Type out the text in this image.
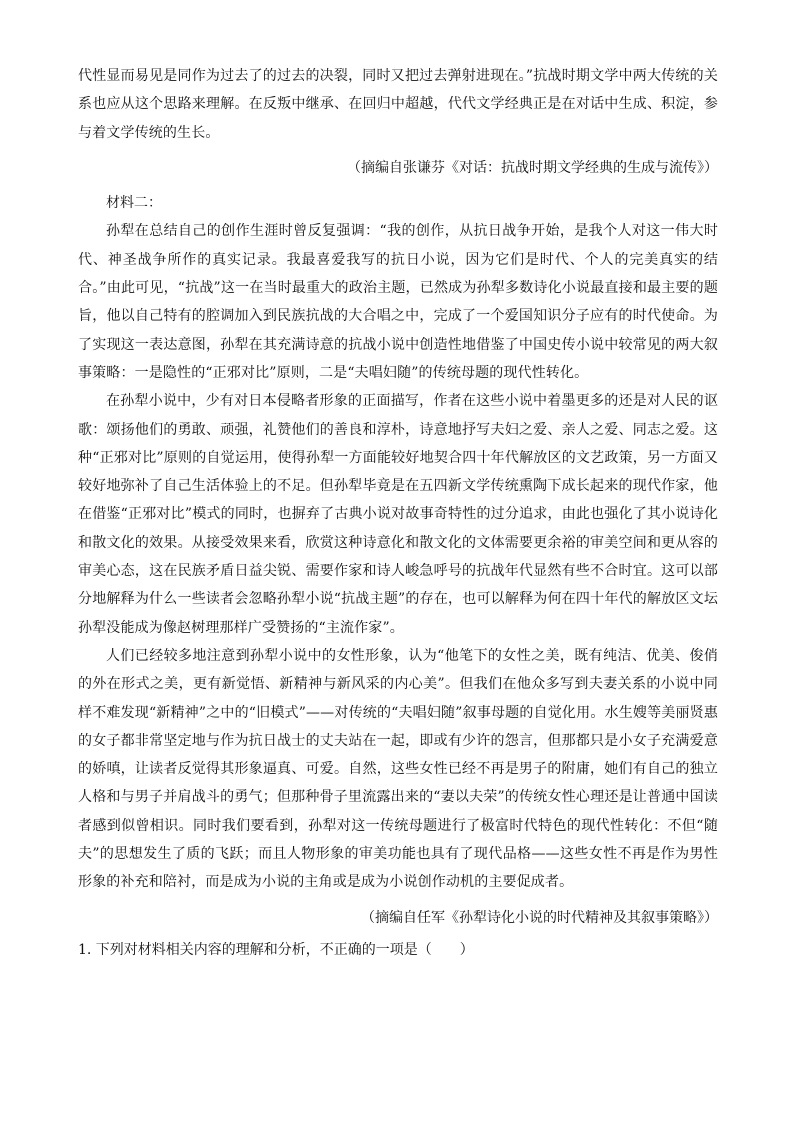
代性显而易见是同作为过去了的过去的决裂，同时又把过去弹射进现在。”抗战时期文学中两大传统的关系也应从这个思路来理解。在反叛中继承、在回归中超越，代代文学经典正是在对话中生成、积淀，参与着文学传统的生长。

（摘编自张谦芬《对话：抗战时期文学经典的生成与流传》）

材料二：

孙犁在总结自己的创作生涯时曾反复强调：“我的创作，从抗日战争开始，是我个人对这一伟大时代、神圣战争所作的真实记录。我最喜爱我写的抗日小说，因为它们是时代、个人的完美真实的结合。”由此可见，“抗战”这一在当时最重大的政治主题，已然成为孙犁多数诗化小说最直接和最主要的题旨，他以自己特有的腔调加入到民族抗战的大合唱之中，完成了一个爱国知识分子应有的时代使命。为了实现这一表达意图，孙犁在其充满诗意的抗战小说中创造性地借鉴了中国史传小说中较常见的两大叙事策略：一是隐性的“正邪对比”原则，二是“夫唱妇随”的传统母题的现代性转化。

在孙犁小说中，少有对日本侵略者形象的正面描写，作者在这些小说中着墨更多的还是对人民的讴歌：颂扬他们的勇敢、顽强，礼赞他们的善良和淳朴，诗意地抒写夫妇之爱、亲人之爱、同志之爱。这种“正邪对比”原则的自觉运用，使得孙犁一方面能较好地契合四十年代解放区的文艺政策，另一方面又较好地弥补了自己生活体验上的不足。但孙犁毕竟是在五四新文学传统熏陶下成长起来的现代作家，他在借鉴“正邪对比”模式的同时，也摒弃了古典小说对故事奇特性的过分追求，由此也强化了其小说诗化和散文化的效果。从接受效果来看，欣赏这种诗意化和散文化的文体需要更余裕的审美空间和更从容的审美心态，这在民族矛盾日益尖锐、需要作家和诗人峻急呼号的抗战年代显然有些不合时宜。这可以部分地解释为什么一些读者会忽略孙犁小说“抗战主题”的存在，也可以解释为何在四十年代的解放区文坛孙犁没能成为像赵树理那样广受赞扬的“主流作家”。

人们已经较多地注意到孙犁小说中的女性形象，认为“他笔下的女性之美，既有纯洁、优美、俊俏的外在形式之美，更有新觉悟、新精神与新风采的内心美”。但我们在他众多写到夫妻关系的小说中同样不难发现“新精神”之中的“旧模式”——对传统的“夫唱妇随”叙事母题的自觉化用。水生嫂等美丽贤惠的女子都非常坚定地与作为抗日战士的丈夫站在一起，即或有少许的怨言，但那都只是小女子充满爱意的娇嗔，让读者反觉得其形象逼真、可爱。自然，这些女性已经不再是男子的附庸，她们有自己的独立人格和与男子并肩战斗的勇气；但那种骨子里流露出来的“妻以夫荣”的传统女性心理还是让普通中国读者感到似曾相识。同时我们要看到，孙犁对这一传统母题进行了极富时代特色的现代性转化：不但“随夫”的思想发生了质的飞跃；而且人物形象的审美功能也具有了现代品格——这些女性不再是作为男性形象的补充和陪衬，而是成为小说的主角或是成为小说创作动机的主要促成者。

（摘编自任军《孙犁诗化小说的时代精神及其叙事策略》）

1. 下列对材料相关内容的理解和分析，不正确的一项是（　　）
